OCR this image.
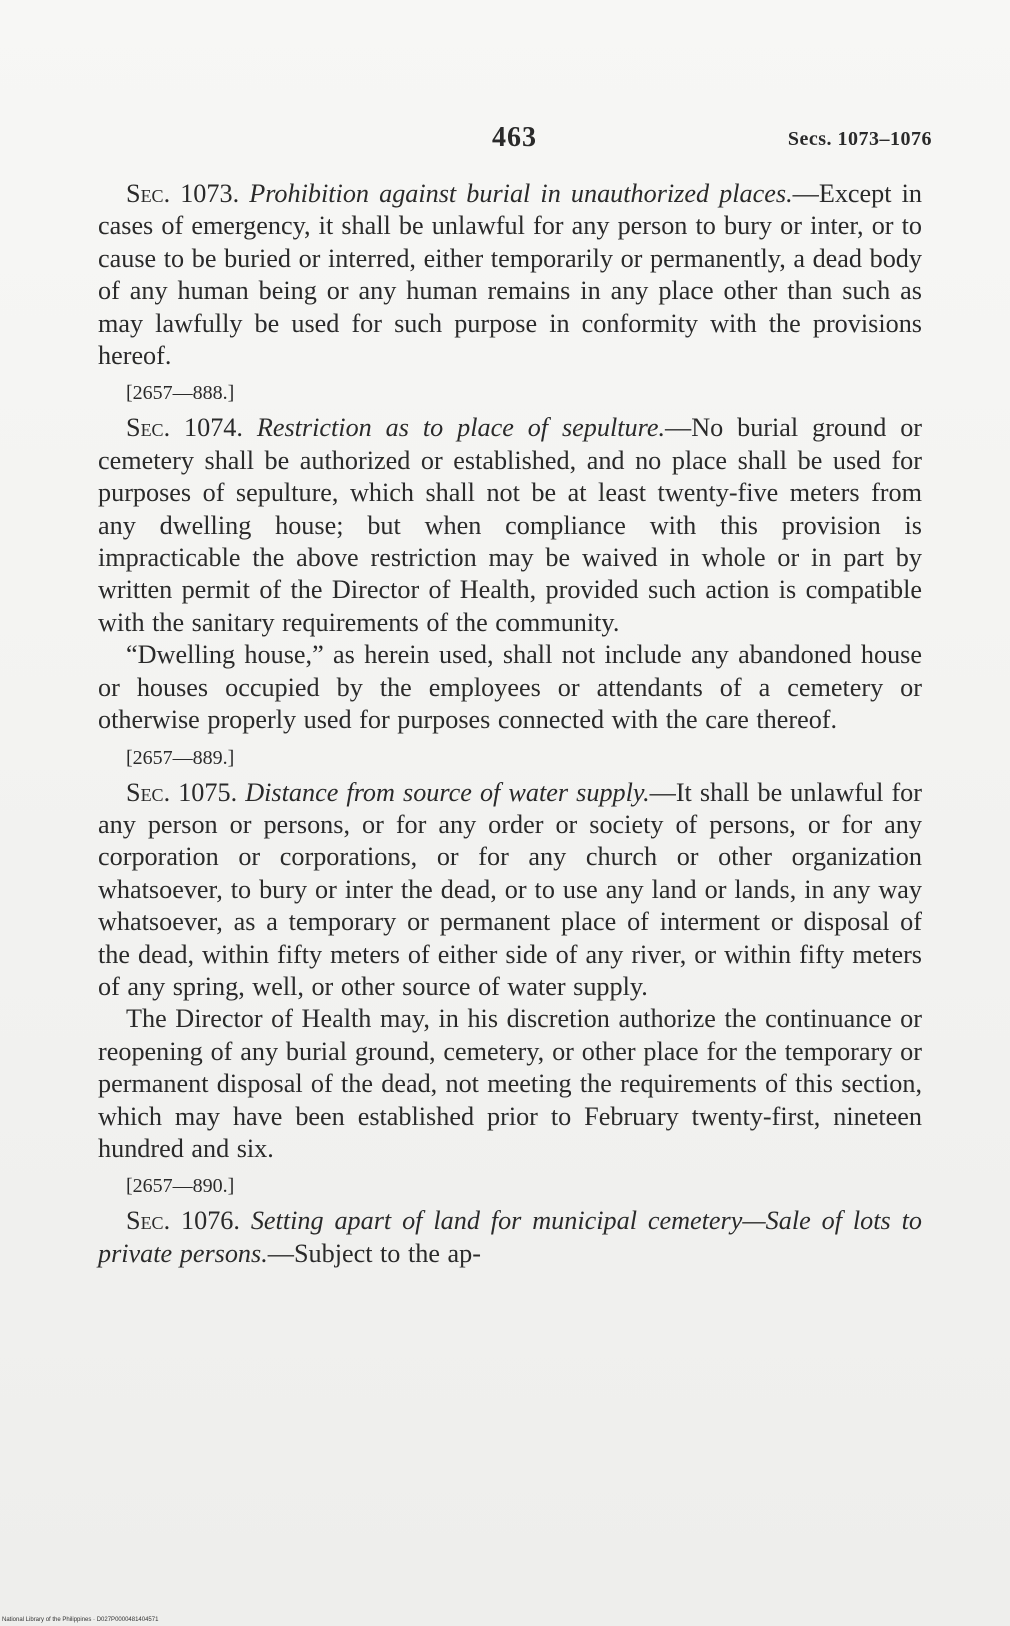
463	Secs. 1073–1076

Sec. 1073. Prohibition against burial in unauthorized places.—Except in cases of emergency, it shall be unlawful for any person to bury or inter, or to cause to be buried or interred, either temporarily or permanently, a dead body of any human being or any human remains in any place other than such as may lawfully be used for such purpose in conformity with the provisions hereof.

[2657—888.]

Sec. 1074. Restriction as to place of sepulture.—No burial ground or cemetery shall be authorized or established, and no place shall be used for purposes of sepulture, which shall not be at least twenty-five meters from any dwelling house; but when compliance with this provision is impracticable the above restriction may be waived in whole or in part by written permit of the Director of Health, provided such action is compatible with the sanitary requirements of the community.

“Dwelling house,” as herein used, shall not include any abandoned house or houses occupied by the employees or attendants of a cemetery or otherwise properly used for purposes connected with the care thereof.

[2657—889.]

Sec. 1075. Distance from source of water supply.—It shall be unlawful for any person or persons, or for any order or society of persons, or for any corporation or corporations, or for any church or other organization whatsoever, to bury or inter the dead, or to use any land or lands, in any way whatsoever, as a temporary or permanent place of interment or disposal of the dead, within fifty meters of either side of any river, or within fifty meters of any spring, well, or other source of water supply.

The Director of Health may, in his discretion authorize the continuance or reopening of any burial ground, cemetery, or other place for the temporary or permanent disposal of the dead, not meeting the requirements of this section, which may have been established prior to February twenty-first, nineteen hundred and six.

[2657—890.]

Sec. 1076. Setting apart of land for municipal cemetery—Sale of lots to private persons.—Subject to the ap-

National Library of the Philippines · D027P0000481404571
